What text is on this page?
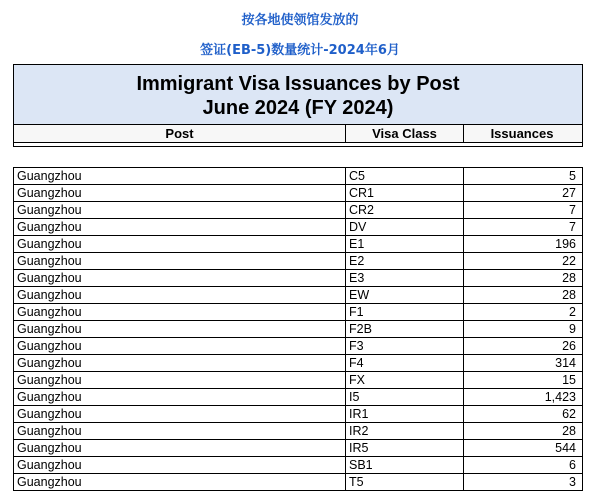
按各地使领馆发放的
签证(EB-5)数量统计-2024年6月
Immigrant Visa Issuances by Post
June 2024 (FY 2024)
Post	Visa Class	Issuances
Guangzhou	C5	5
Guangzhou	CR1	27
Guangzhou	CR2	7
Guangzhou	DV	7
Guangzhou	E1	196
Guangzhou	E2	22
Guangzhou	E3	28
Guangzhou	EW	28
Guangzhou	F1	2
Guangzhou	F2B	9
Guangzhou	F3	26
Guangzhou	F4	314
Guangzhou	FX	15
Guangzhou	I5	1,423
Guangzhou	IR1	62
Guangzhou	IR2	28
Guangzhou	IR5	544
Guangzhou	SB1	6
Guangzhou	T5	3
